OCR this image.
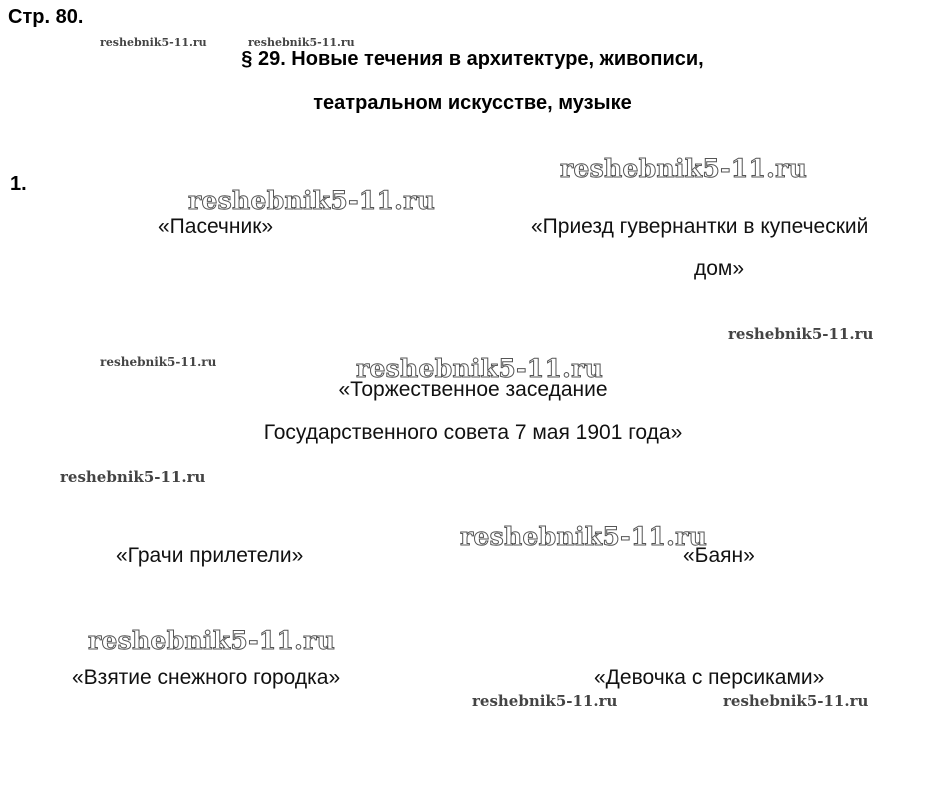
Стр. 80.
§ 29. Новые течения в архитектуре, живописи,
театральном искусстве, музыке
1.
«Пасечник»	«Приезд гувернантки в купеческий
дом»
«Торжественное заседание
Государственного совета 7 мая 1901 года»
«Грачи прилетели»	«Баян»
«Взятие снежного городка»	«Девочка с персиками»
reshebnik5-11.ru	reshebnik5-11.ru
reshebnik5-11.ru
reshebnik5-11.ru
reshebnik5-11.ru
reshebnik5-11.ru	reshebnik5-11.ru
reshebnik5-11.ru
reshebnik5-11.ru
reshebnik5-11.ru
reshebnik5-11.ru	reshebnik5-11.ru
